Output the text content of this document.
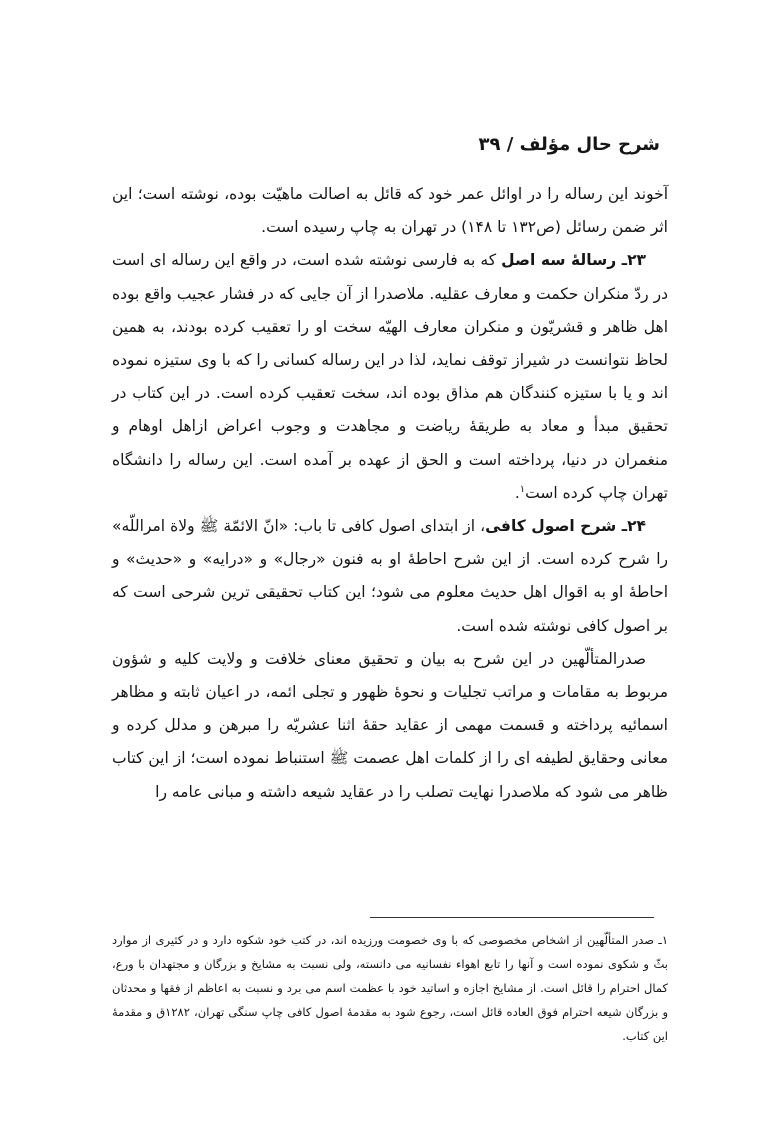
شرح حال مؤلف / ۳۹

آخوند این رساله را در اوائل عمر خود که قائل به اصالت ماهیّت بوده، نوشته است؛ این اثر ضمن رسائل (ص۱۳۲ تا ۱۴۸) در تهران به چاپ رسیده است.

۲۳ـ رسالهٔ سه اصل که به فارسی نوشته شده است، در واقع این رساله ای است در ردّ منکران حکمت و معارف عقلیه. ملاصدرا از آن جایی که در فشار عجیب واقع بوده اهل ظاهر و قشریّون و منکران معارف الهیّه سخت او را تعقیب کرده بودند، به همین لحاظ نتوانست در شیراز توقف نماید، لذا در این رساله کسانی را که با وی ستیزه نموده اند و یا با ستیزه کنندگان هم مذاق بوده اند، سخت تعقیب کرده است. در این کتاب در تحقیق مبدأ و معاد به طریقهٔ ریاضت و مجاهدت و وجوب اعراض ازاهل اوهام و منغمران در دنیا، پرداخته است و الحق از عهده بر آمده است. این رساله را دانشگاه تهران چاپ کرده است$^۱$.

۲۴ـ شرح اصول کافی، از ابتدای اصول کافی تا باب: «انّ الائمّة ﷺ ولاة امراللّه» را شرح کرده است. از این شرح احاطهٔ او به فنون «رجال» و «درایه» و «حدیث» و احاطهٔ او به اقوال اهل حدیث معلوم می شود؛ این کتاب تحقیقی ترین شرحی است که بر اصول کافی نوشته شده است.

صدرالمتألّهین در این شرح به بیان و تحقیق معنای خلافت و ولایت کلیه و شؤون مربوط به مقامات و مراتب تجلیات و نحوهٔ ظهور و تجلی ائمه، در اعیان ثابته و مظاهر اسمائیه پرداخته و قسمت مهمی از عقاید حقهٔ اثنا عشریّه را مبرهن و مدلل کرده و معانی وحقایق لطیفه ای را از کلمات اهل عصمت ﷺ استنباط نموده است؛ از این کتاب ظاهر می شود که ملاصدرا نهایت تصلب را در عقاید شیعه داشته و مبانی عامه را

۱ـ صدر المتألّهین از اشخاص مخصوصی که با وی خصومت ورزیده اند، در کتب خود شکوه دارد و در کثیری از موارد بثّ و شکوی نموده است و آنها را تابع اهواء نفسانیه می دانسته، ولی نسبت به مشایخ و بزرگان و مجتهدان با ورع، کمال احترام را قائل است. از مشایخ اجازه و اساتید خود با عظمت اسم می برد و نسبت به اعاظم از فقها و محدثان و بزرگان شیعه احترام فوق العاده قائل است، رجوع شود به مقدمهٔ اصول کافی چاپ سنگی تهران، ۱۲۸۲ق و مقدمهٔ این کتاب.
